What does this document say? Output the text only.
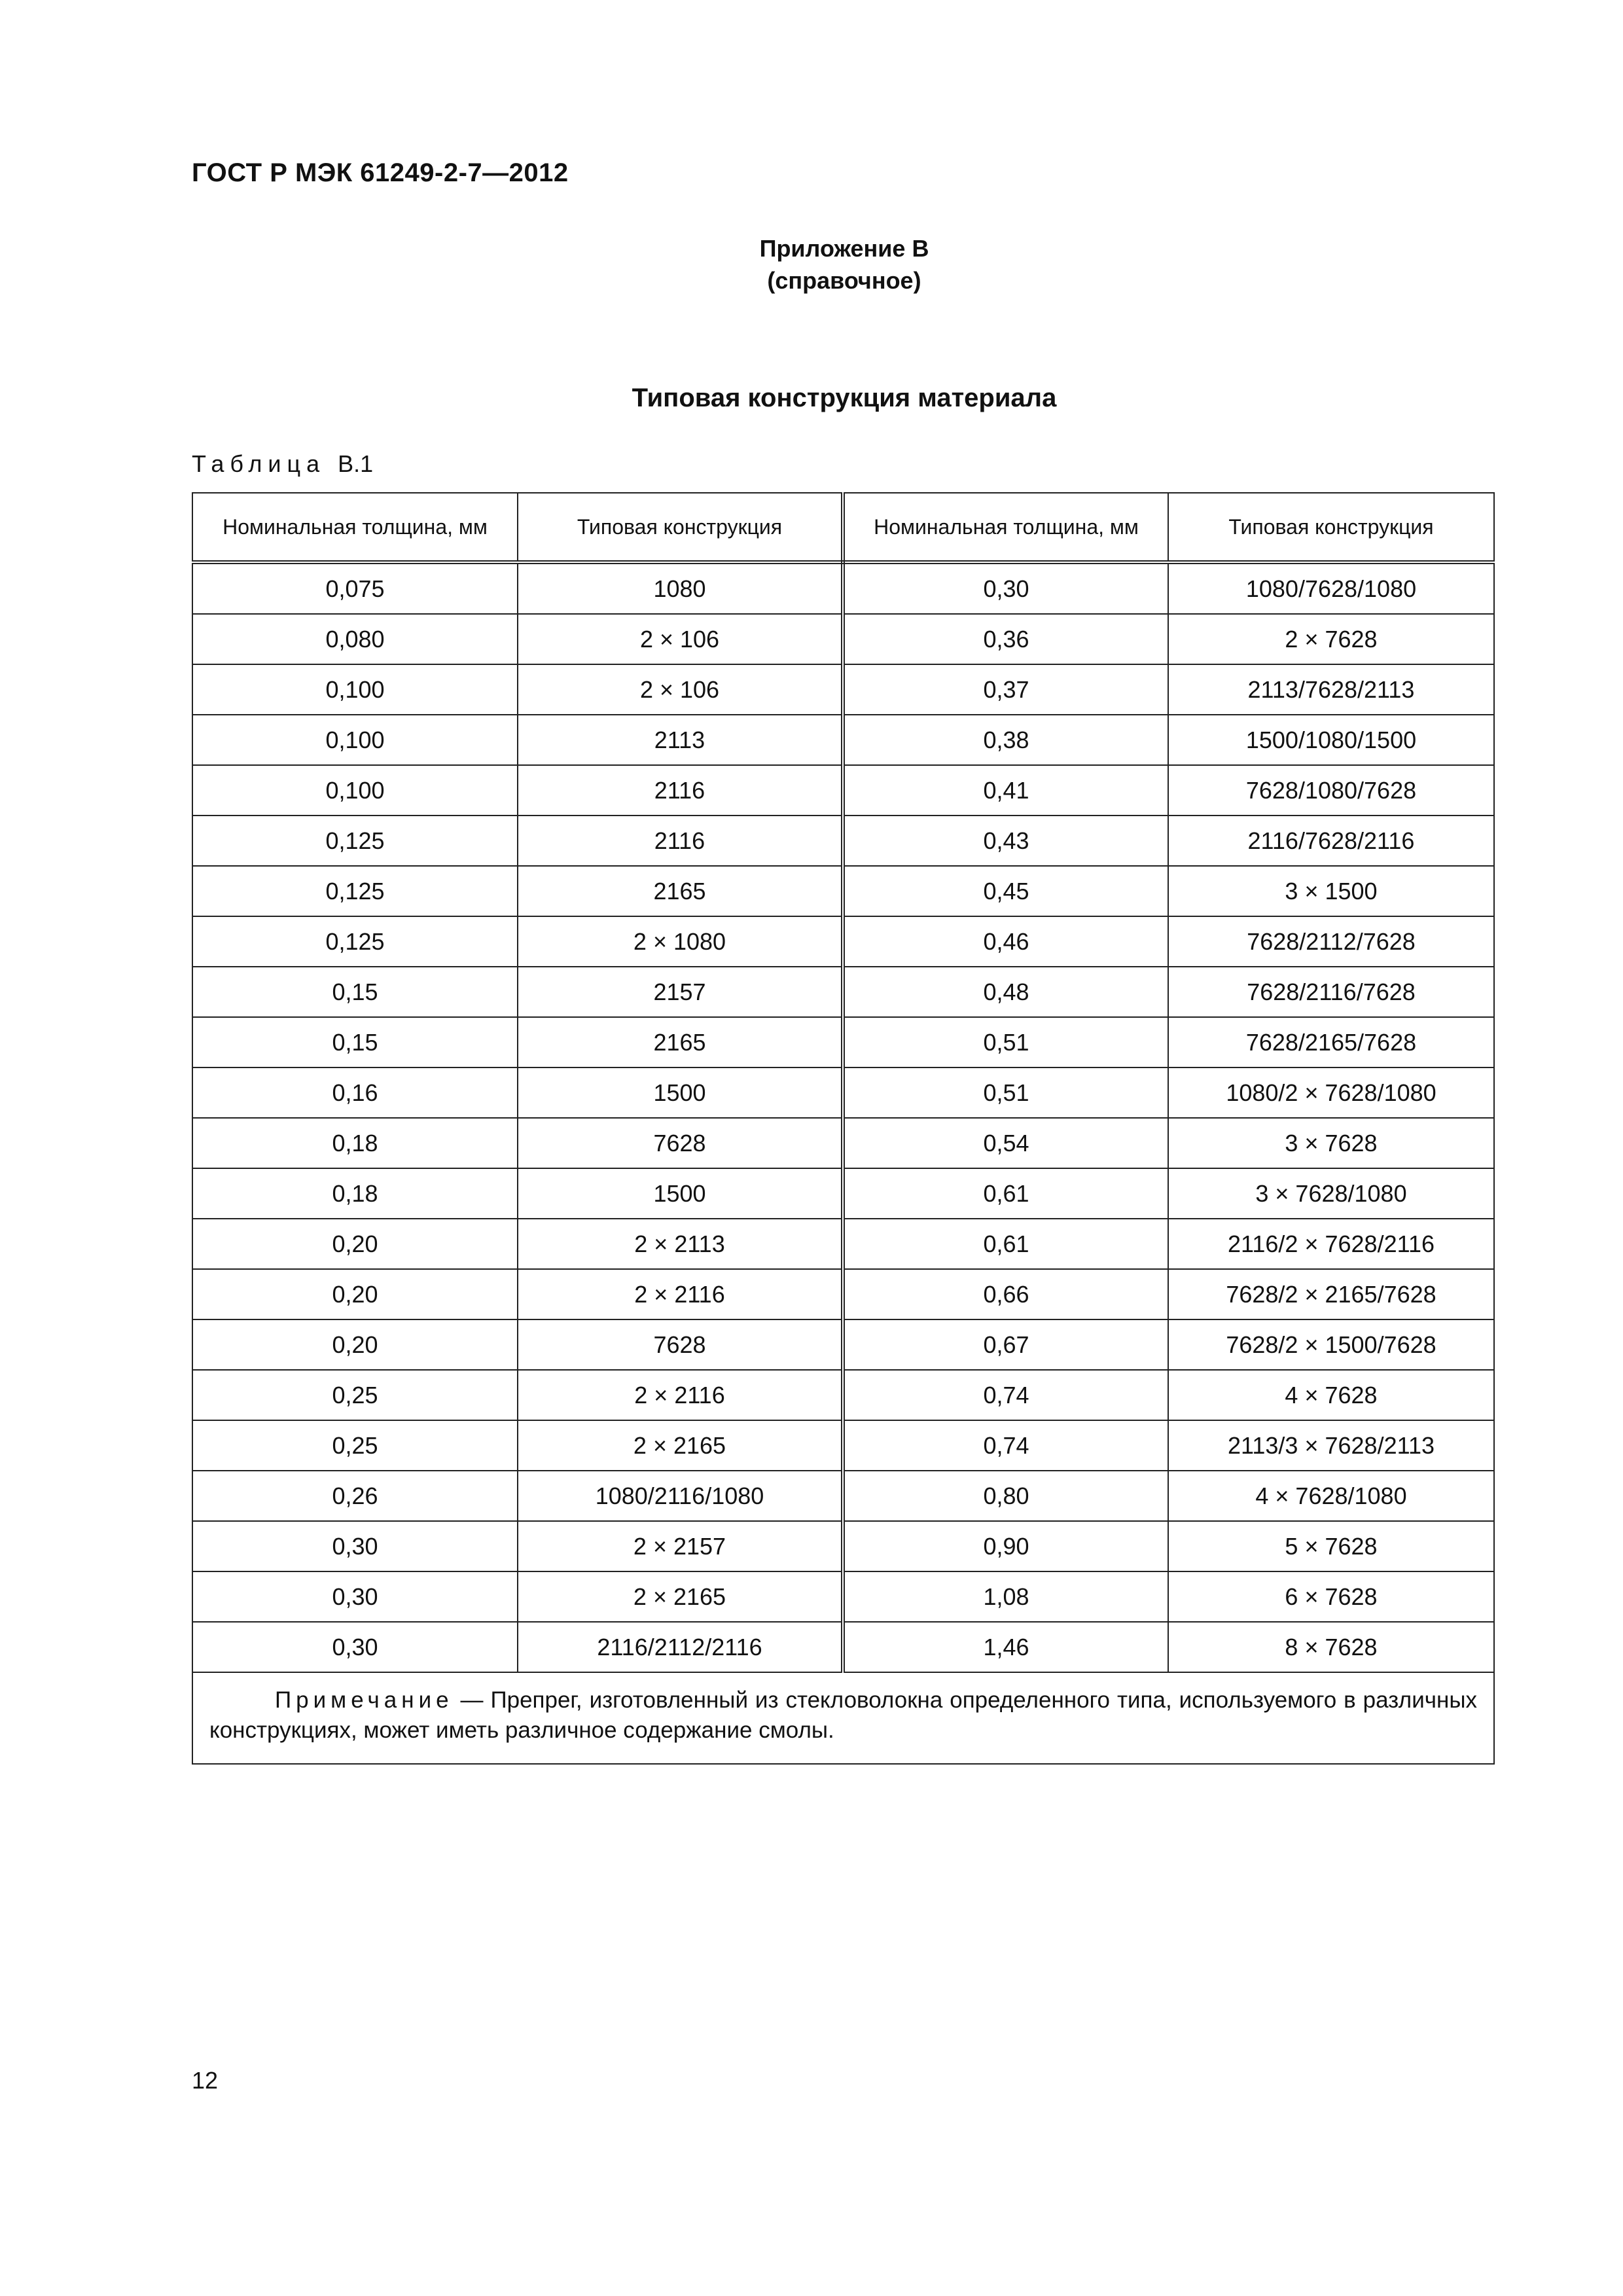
ГОСТ Р МЭК 61249-2-7—2012
Приложение В
(справочное)
Типовая конструкция материала
Таблица В.1
Номинальная толщина, мм	Типовая конструкция	Номинальная толщина, мм	Типовая конструкция
0,075	1080	0,30	1080/7628/1080
0,080	2 × 106	0,36	2 × 7628
0,100	2 × 106	0,37	2113/7628/2113
0,100	2113	0,38	1500/1080/1500
0,100	2116	0,41	7628/1080/7628
0,125	2116	0,43	2116/7628/2116
0,125	2165	0,45	3 × 1500
0,125	2 × 1080	0,46	7628/2112/7628
0,15	2157	0,48	7628/2116/7628
0,15	2165	0,51	7628/2165/7628
0,16	1500	0,51	1080/2 × 7628/1080
0,18	7628	0,54	3 × 7628
0,18	1500	0,61	3 × 7628/1080
0,20	2 × 2113	0,61	2116/2 × 7628/2116
0,20	2 × 2116	0,66	7628/2 × 2165/7628
0,20	7628	0,67	7628/2 × 1500/7628
0,25	2 × 2116	0,74	4 × 7628
0,25	2 × 2165	0,74	2113/3 × 7628/2113
0,26	1080/2116/1080	0,80	4 × 7628/1080
0,30	2 × 2157	0,90	5 × 7628
0,30	2 × 2165	1,08	6 × 7628
0,30	2116/2112/2116	1,46	8 × 7628
Примечание — Препрег, изготовленный из стекловолокна определенного типа, используемого в различных конструкциях, может иметь различное содержание смолы.			
12
